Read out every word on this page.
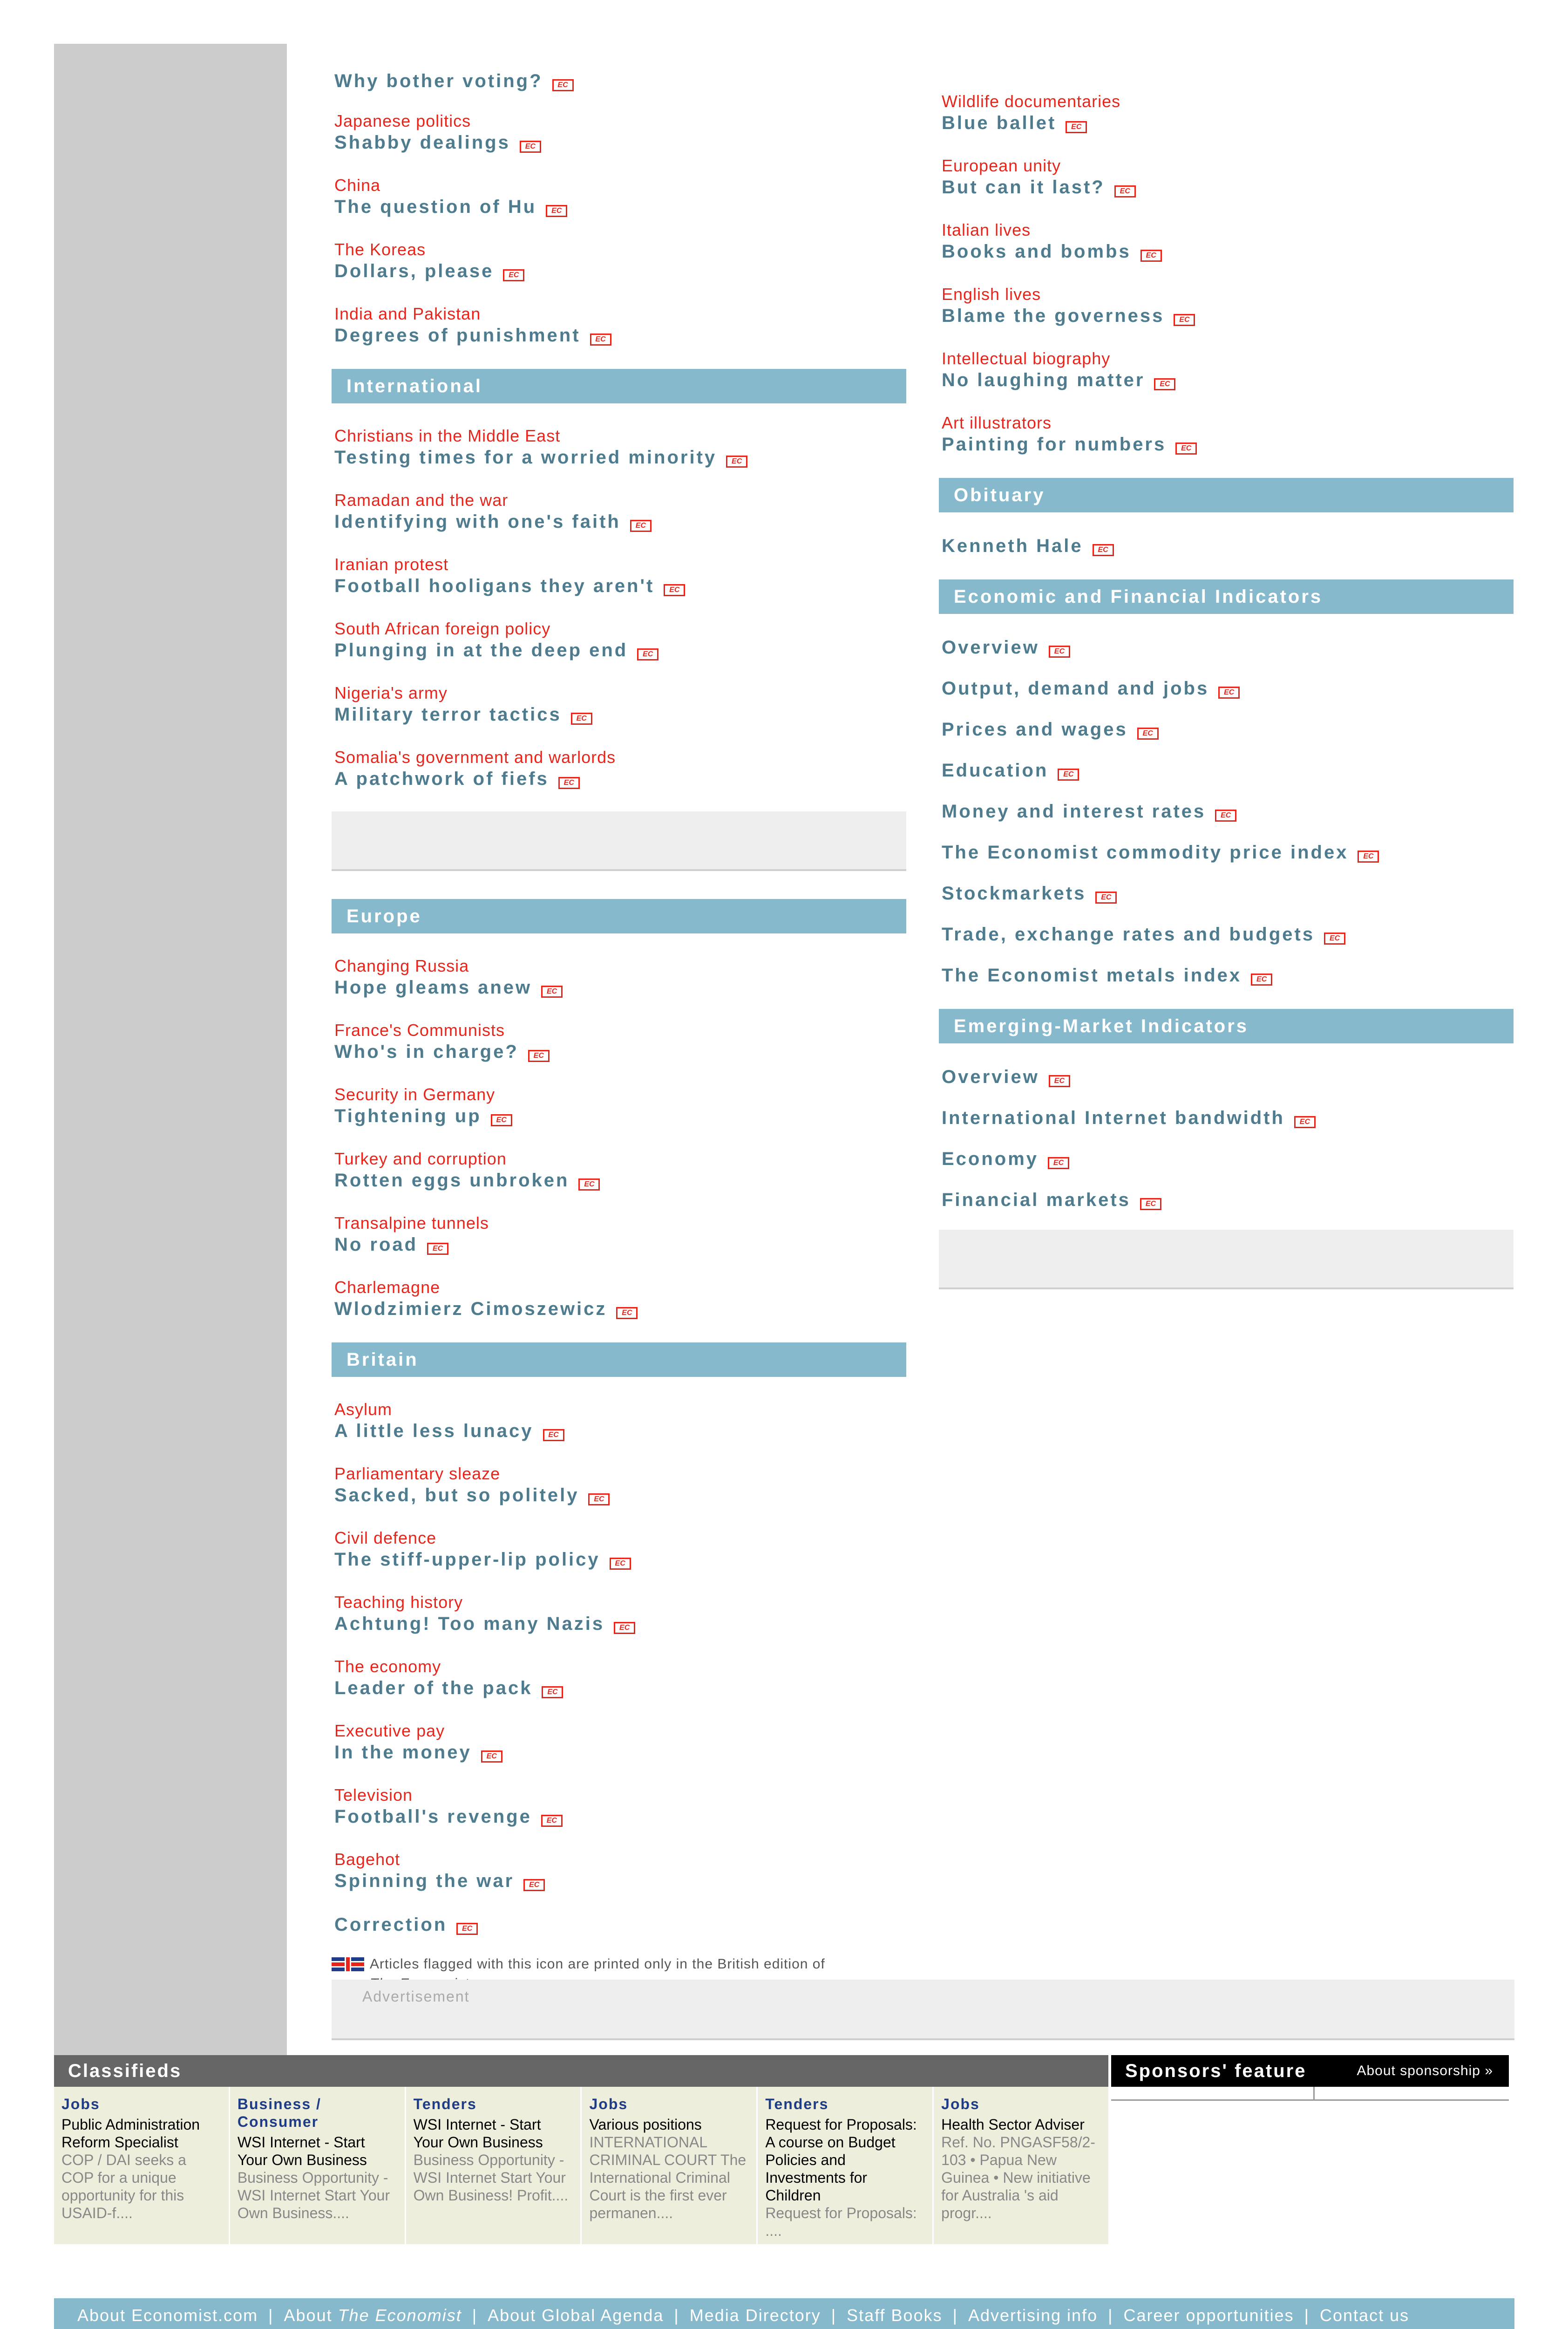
Why bother voting? EC
Japanese politics
Shabby dealings EC
China
The question of Hu EC
The Koreas
Dollars, please EC
India and Pakistan
Degrees of punishment EC
International
Christians in the Middle East
Testing times for a worried minority EC
Ramadan and the war
Identifying with one's faith EC
Iranian protest
Football hooligans they aren't EC
South African foreign policy
Plunging in at the deep end EC
Nigeria's army
Military terror tactics EC
Somalia's government and warlords
A patchwork of fiefs EC
Europe
Changing Russia
Hope gleams anew EC
France's Communists
Who's in charge? EC
Security in Germany
Tightening up EC
Turkey and corruption
Rotten eggs unbroken EC
Transalpine tunnels
No road EC
Charlemagne
Wlodzimierz Cimoszewicz EC
Britain
Asylum
A little less lunacy EC
Parliamentary sleaze
Sacked, but so politely EC
Civil defence
The stiff-upper-lip policy EC
Teaching history
Achtung! Too many Nazis EC
The economy
Leader of the pack EC
Executive pay
In the money EC
Television
Football's revenge EC
Bagehot
Spinning the war EC
Correction EC
Articles flagged with this icon are printed only in the British edition of
Wildlife documentaries
Blue ballet EC
European unity
But can it last? EC
Italian lives
Books and bombs EC
English lives
Blame the governess EC
Intellectual biography
No laughing matter EC
Art illustrators
Painting for numbers EC
Obituary
Kenneth Hale EC
Economic and Financial Indicators
Overview EC
Output, demand and jobs EC
Prices and wages EC
Education EC
Money and interest rates EC
The Economist commodity price index EC
Stockmarkets EC
Trade, exchange rates and budgets EC
The Economist metals index EC
Emerging-Market Indicators
Overview EC
International Internet bandwidth EC
Economy EC
Financial markets EC
Advertisement
Classifieds
Jobs
Public Administration Reform Specialist
COP / DAI seeks a COP for a unique opportunity for this USAID-f....
Business / Consumer
WSI Internet - Start Your Own Business
Business Opportunity - WSI Internet Start Your Own Business....
Tenders
WSI Internet - Start Your Own Business
Business Opportunity - WSI Internet Start Your Own Business! Profit....
Jobs
Various positions
INTERNATIONAL CRIMINAL COURT The International Criminal Court is the first ever permanen....
Tenders
Request for Proposals: A course on Budget Policies and Investments for Children
Request for Proposals: ....
Jobs
Health Sector Adviser
Ref. No. PNGASF58/2-103 • Papua New Guinea • New initiative for Australia 's aid progr....
Sponsors' feature	About sponsorship »
About Economist.com | About The Economist | About Global Agenda | Media Directory | Staff Books | Advertising info | Career opportunities | Contact us
